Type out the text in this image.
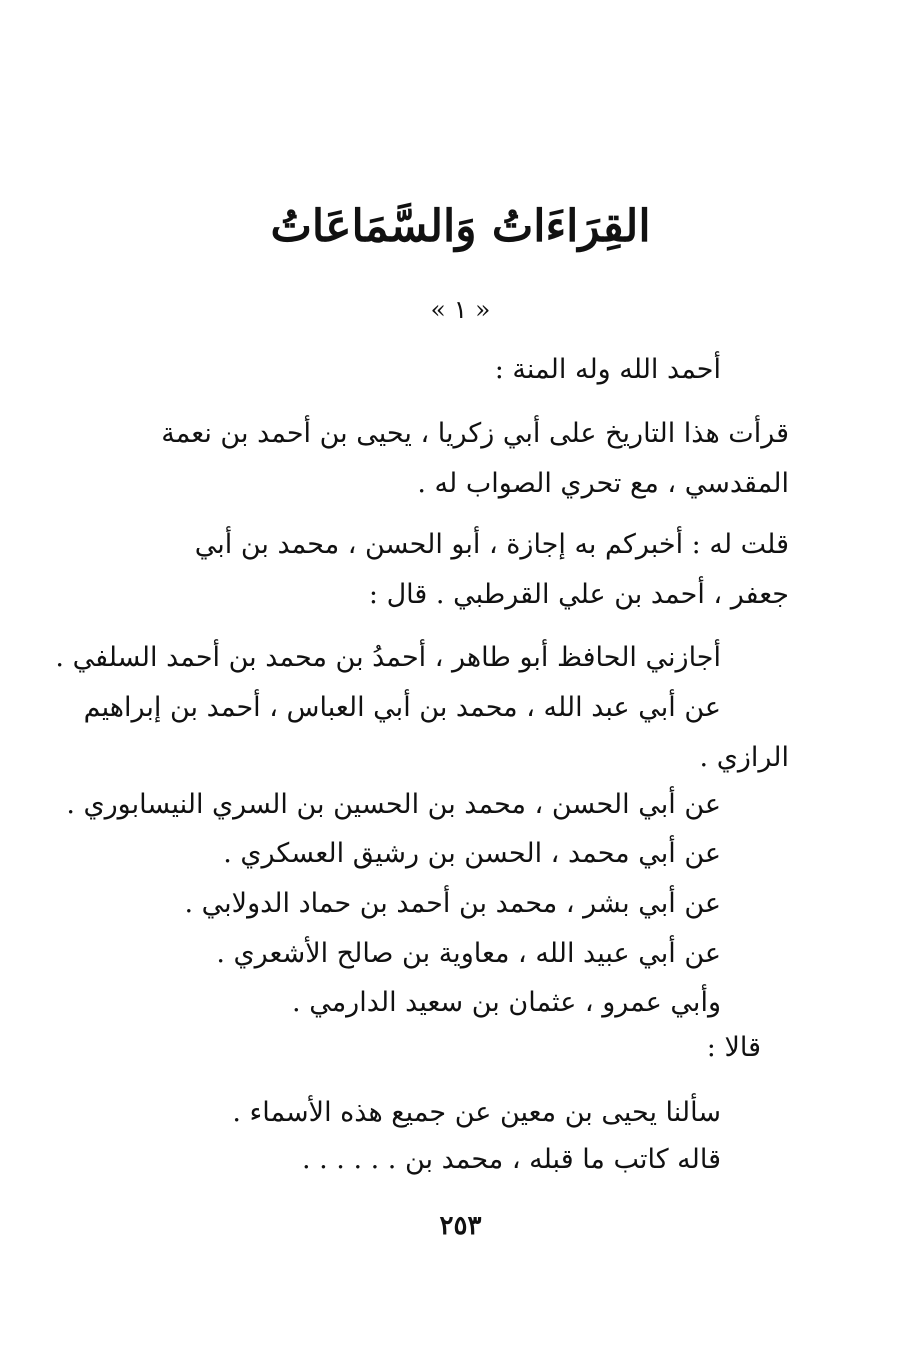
القِرَاءَاتُ وَالسَّمَاعَاتُ
« ١ »
أحمد الله وله المنة :
قرأت هذا التاريخ على أبي زكريا ، يحيى بن أحمد بن نعمة
المقدسي ، مع تحري الصواب له .
قلت له : أخبركم به إجازة ، أبو الحسن ، محمد بن أبي
جعفر ، أحمد بن علي القرطبي . قال :
أجازني الحافظ أبو طاهر ، أحمدُ بن محمد بن أحمد السلفي .
عن أبي عبد الله ، محمد بن أبي العباس ، أحمد بن إبراهيم
الرازي .
عن أبي الحسن ، محمد بن الحسين بن السري النيسابوري .
عن أبي محمد ، الحسن بن رشيق العسكري .
عن أبي بشر ، محمد بن أحمد بن حماد الدولابي .
عن أبي عبيد الله ، معاوية بن صالح الأشعري .
وأبي عمرو ، عثمان بن سعيد الدارمي .
قالا :
سألنا يحيى بن معين عن جميع هذه الأسماء .
قاله كاتب ما قبله ، محمد بن . . . . . .
٢٥٣
